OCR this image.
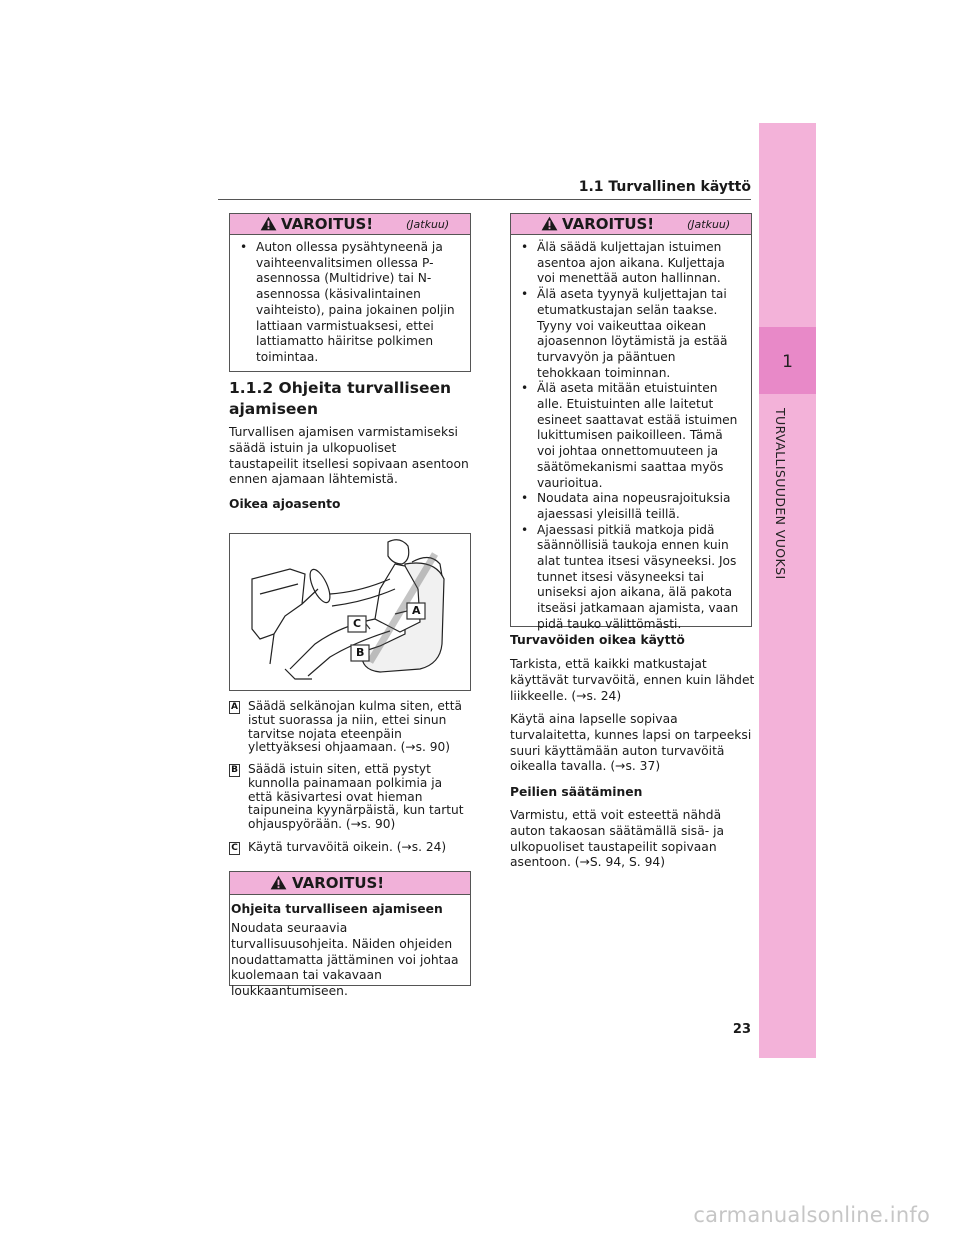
1
TURVALLISUUDEN VUOKSI
1.1 Turvallinen käyttö
VAROITUS!	(Jatkuu)
• Auton ollessa pysähtyneenä ja vaihteenvalitsimen ollessa P-asennossa (Multidrive) tai N-asennossa (käsivalintainen vaihteisto), paina jokainen poljin lattiaan varmistuaksesi, ettei lattiamatto häiritse polkimen toimintaa.
1.1.2 Ohjeita turvalliseen ajamiseen
Turvallisen ajamisen varmistamiseksi säädä istuin ja ulkopuoliset taustapeilit itsellesi sopivaan asentoon ennen ajamaan lähtemistä.
Oikea ajoasento
A
B
C
A Säädä selkänojan kulma siten, että istut suorassa ja niin, ettei sinun tarvitse nojata eteenpäin ylettyäksesi ohjaamaan. (→s. 90)
B Säädä istuin siten, että pystyt kunnolla painamaan polkimia ja että käsivartesi ovat hieman taipuneina kyynärpäistä, kun tartut ohjauspyörään. (→s. 90)
C Käytä turvavöitä oikein. (→s. 24)
VAROITUS!
Ohjeita turvalliseen ajamiseen
Noudata seuraavia turvallisuusohjeita. Näiden ohjeiden noudattamatta jättäminen voi johtaa kuolemaan tai vakavaan loukkaantumiseen.
VAROITUS!	(Jatkuu)
• Älä säädä kuljettajan istuimen asentoa ajon aikana. Kuljettaja voi menettää auton hallinnan.
• Älä aseta tyynyä kuljettajan tai etumatkustajan selän taakse. Tyyny voi vaikeuttaa oikean ajoasennon löytämistä ja estää turvavyön ja pääntuen tehokkaan toiminnan.
• Älä aseta mitään etuistuinten alle. Etuistuinten alle laitetut esineet saattavat estää istuimen lukittumisen paikoilleen. Tämä voi johtaa onnettomuuteen ja säätömekanismi saattaa myös vaurioitua.
• Noudata aina nopeusrajoituksia ajaessasi yleisillä teillä.
• Ajaessasi pitkiä matkoja pidä säännöllisiä taukoja ennen kuin alat tuntea itsesi väsyneeksi. Jos tunnet itsesi väsyneeksi tai uniseksi ajon aikana, älä pakota itseäsi jatkamaan ajamista, vaan pidä tauko välittömästi.
Turvavöiden oikea käyttö
Tarkista, että kaikki matkustajat käyttävät turvavöitä, ennen kuin lähdet liikkeelle. (→s. 24)
Käytä aina lapselle sopivaa turvalaitetta, kunnes lapsi on tarpeeksi suuri käyttämään auton turvavöitä oikealla tavalla. (→s. 37)
Peilien säätäminen
Varmistu, että voit esteettä nähdä auton takaosan säätämällä sisä- ja ulkopuoliset taustapeilit sopivaan asentoon. (→S. 94, S. 94)
23
carmanualsonline.info
